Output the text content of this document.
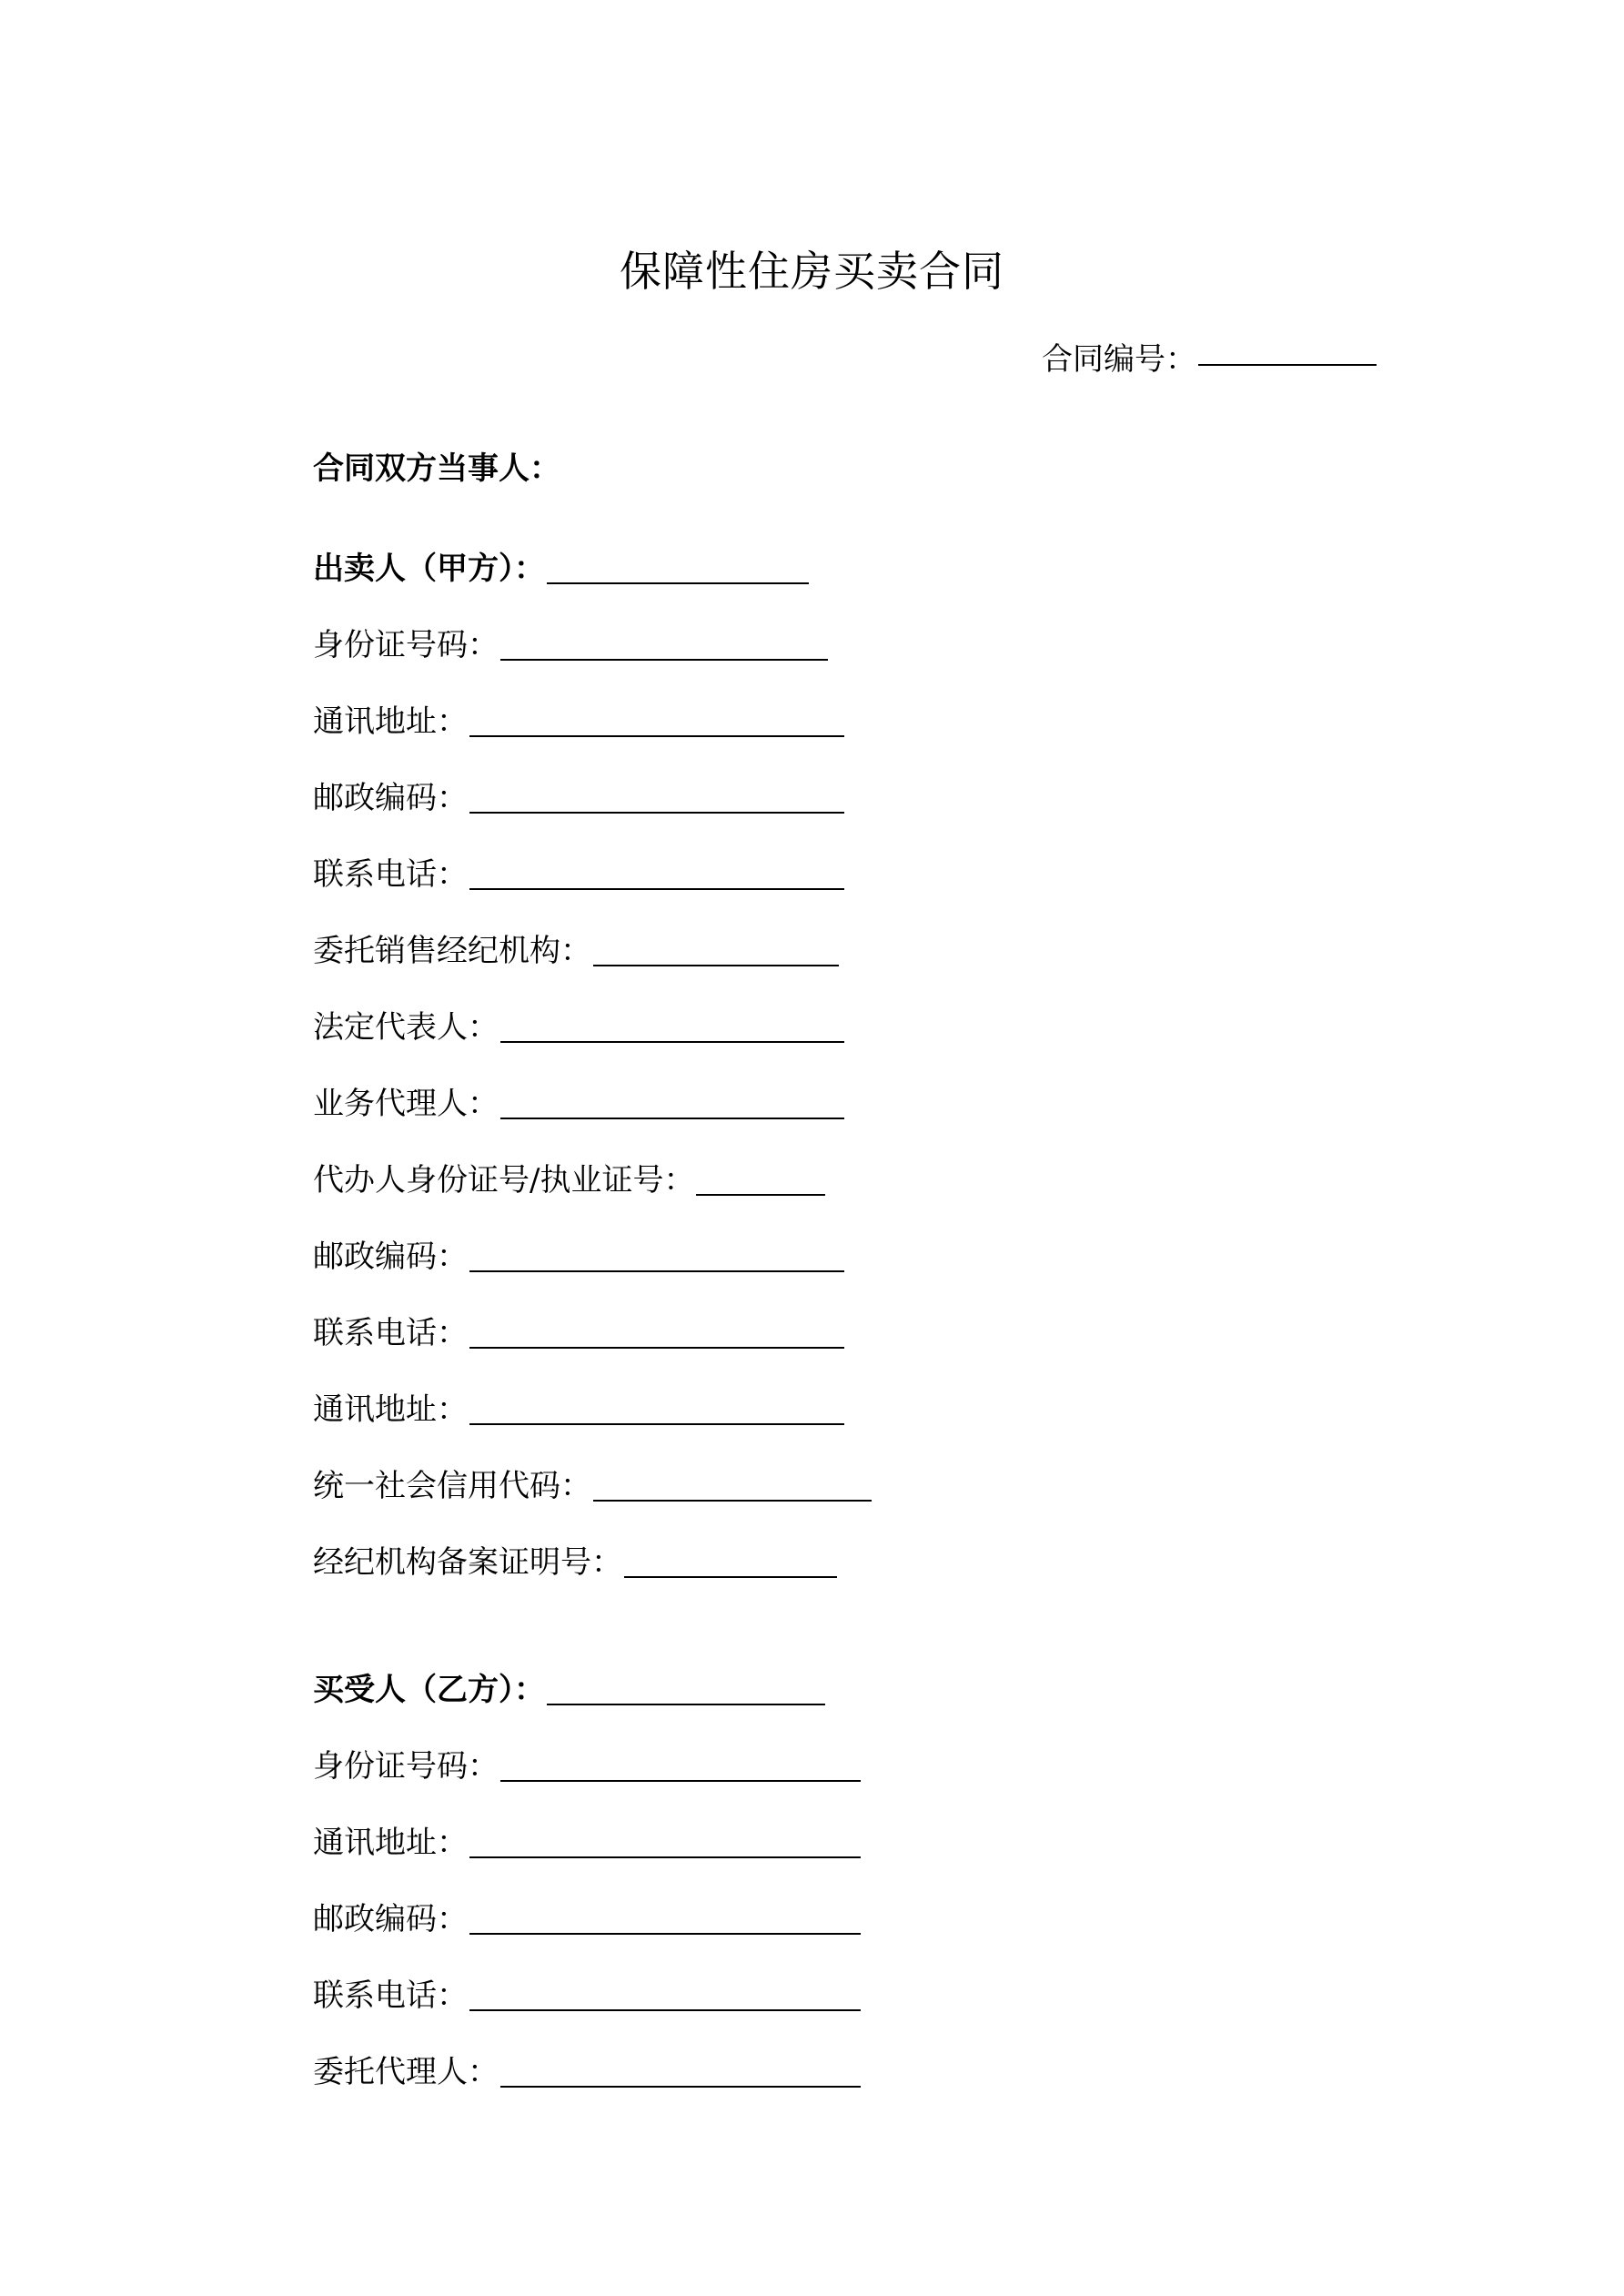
保障性住房买卖合同
合同编号：
合同双方当事人：
出卖人（甲方）：
身份证号码：
通讯地址：
邮政编码：
联系电话：
委托销售经纪机构：
法定代表人：
业务代理人：
代办人身份证号/执业证号：
邮政编码：
联系电话：
通讯地址：
统一社会信用代码：
经纪机构备案证明号：
买受人（乙方）：
身份证号码：
通讯地址：
邮政编码：
联系电话：
委托代理人：
